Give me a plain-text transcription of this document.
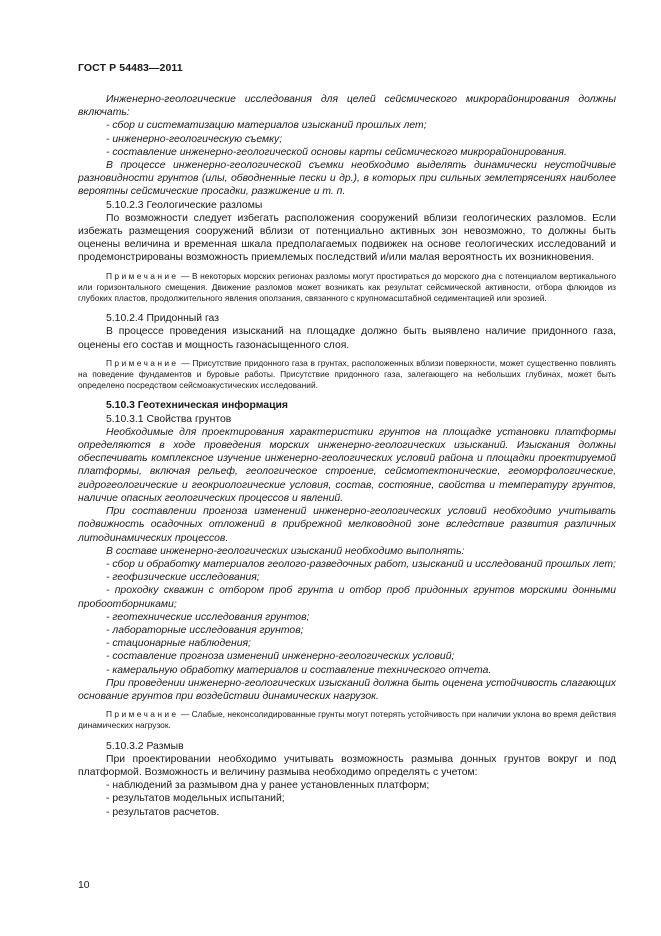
ГОСТ Р 54483—2011

Инженерно-геологические исследования для целей сейсмического микрорайонирования должны включать:

- сбор и систематизацию материалов изысканий прошлых лет;

- инженерно-геологическую съемку;

- составление инженерно-геологической основы карты сейсмического микрорайонирования.

В процессе инженерно-геологической съемки необходимо выделять динамически неустойчивые разновидности грунтов (илы, обводненные пески и др.), в которых при сильных землетрясениях наиболее вероятны сейсмические просадки, разжижение и т. п.

5.10.2.3 Геологические разломы

По возможности следует избегать расположения сооружений вблизи геологических разломов. Если избежать размещения сооружений вблизи от потенциально активных зон невозможно, то должны быть оценены величина и временная шкала предполагаемых подвижек на основе геологических исследований и продемонстрированы возможность приемлемых последствий и/или малая вероятность их возникновения.

Примечание — В некоторых морских регионах разломы могут простираться до морского дна с потенциалом вертикального или горизонтального смещения. Движение разломов может возникать как результат сейсмической активности, отбора флюидов из глубоких пластов, продолжительного явления оползания, связанного с крупномасштабной седиментацией или эрозией.

5.10.2.4 Придонный газ

В процессе проведения изысканий на площадке должно быть выявлено наличие придонного газа, оценены его состав и мощность газонасыщенного слоя.

Примечание — Присутствие придонного газа в грунтах, расположенных вблизи поверхности, может существенно повлиять на поведение фундаментов и буровые работы. Присутствие придонного газа, залегающего на небольших глубинах, может быть определено посредством сейсмоакустических исследований.

5.10.3 Геотехническая информация

5.10.3.1 Свойства грунтов

Необходимые для проектирования характеристики грунтов на площадке установки платформы определяются в ходе проведения морских инженерно-геологических изысканий. Изыскания должны обеспечивать комплексное изучение инженерно-геологических условий района и площадки проектируемой платформы, включая рельеф, геологическое строение, сейсмотектонические, геоморфологические, гидрогеологические и геокриологические условия, состав, состояние, свойства и температуру грунтов, наличие опасных геологических процессов и явлений.

При составлении прогноза изменений инженерно-геологических условий необходимо учитывать подвижность осадочных отложений в прибрежной мелководной зоне вследствие развития различных литодинамических процессов.

В составе инженерно-геологических изысканий необходимо выполнять:

- сбор и обработку материалов геолого-разведочных работ, изысканий и исследований прошлых лет;

- геофизические исследования;

- проходку скважин с отбором проб грунта и отбор проб придонных грунтов морскими донными пробоотборниками;

- геотехнические исследования грунтов;

- лабораторные исследования грунтов;

- стационарные наблюдения;

- составление прогноза изменений инженерно-геологических условий;

- камеральную обработку материалов и составление технического отчета.

При проведении инженерно-геологических изысканий должна быть оценена устойчивость слагающих основание грунтов при воздействии динамических нагрузок.

Примечание — Слабые, неконсолидированные грунты могут потерять устойчивость при наличии уклона во время действия динамических нагрузок.

5.10.3.2 Размыв

При проектировании необходимо учитывать возможность размыва донных грунтов вокруг и под платформой. Возможность и величину размыва необходимо определять с учетом:

- наблюдений за размывом дна у ранее установленных платформ;

- результатов модельных испытаний;

- результатов расчетов.

10
